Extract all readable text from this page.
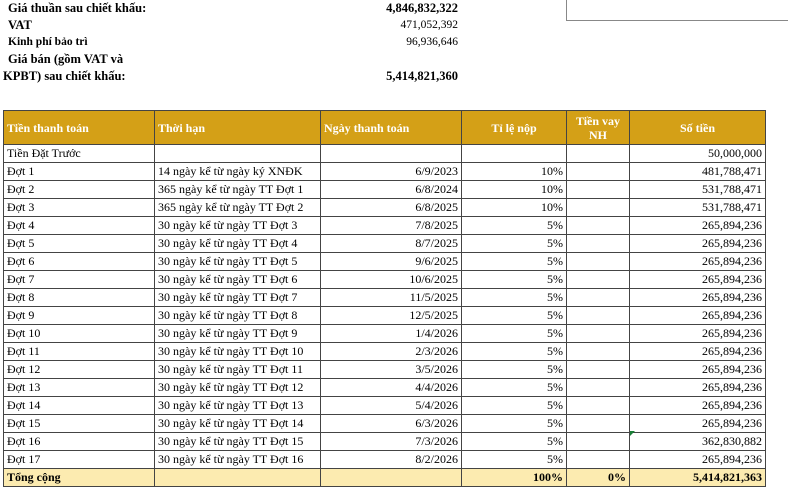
Giá thuần sau chiết khấu:	4,846,832,322
VAT	471,052,392
Kinh phí bảo trì	96,936,646
Giá bán (gồm VAT và
KPBT) sau chiết khấu:	5,414,821,360
Tiền thanh toán	Thời hạn	Ngày thanh toán	Tỉ lệ nộp	Tiền vay NH	Số tiền
Tiền Đặt Trước					50,000,000
Đợt 1	14 ngày kể từ ngày ký XNĐK	6/9/2023	10%		481,788,471
Đợt 2	365 ngày kể từ ngày TT Đợt 1	6/8/2024	10%		531,788,471
Đợt 3	365 ngày kể từ ngày TT Đợt 2	6/8/2025	10%		531,788,471
Đợt 4	30 ngày kể từ ngày TT Đợt 3	7/8/2025	5%		265,894,236
Đợt 5	30 ngày kể từ ngày TT Đợt 4	8/7/2025	5%		265,894,236
Đợt 6	30 ngày kể từ ngày TT Đợt 5	9/6/2025	5%		265,894,236
Đợt 7	30 ngày kể từ ngày TT Đợt 6	10/6/2025	5%		265,894,236
Đợt 8	30 ngày kể từ ngày TT Đợt 7	11/5/2025	5%		265,894,236
Đợt 9	30 ngày kể từ ngày TT Đợt 8	12/5/2025	5%		265,894,236
Đợt 10	30 ngày kể từ ngày TT Đợt 9	1/4/2026	5%		265,894,236
Đợt 11	30 ngày kể từ ngày TT Đợt 10	2/3/2026	5%		265,894,236
Đợt 12	30 ngày kể từ ngày TT Đợt 11	3/5/2026	5%		265,894,236
Đợt 13	30 ngày kể từ ngày TT Đợt 12	4/4/2026	5%		265,894,236
Đợt 14	30 ngày kể từ ngày TT Đợt 13	5/4/2026	5%		265,894,236
Đợt 15	30 ngày kể từ ngày TT Đợt 14	6/3/2026	5%		265,894,236
Đợt 16	30 ngày kể từ ngày TT Đợt 15	7/3/2026	5%		362,830,882
Đợt 17	30 ngày kể từ ngày TT Đợt 16	8/2/2026	5%		265,894,236
Tổng cộng			100%	0%	5,414,821,363
